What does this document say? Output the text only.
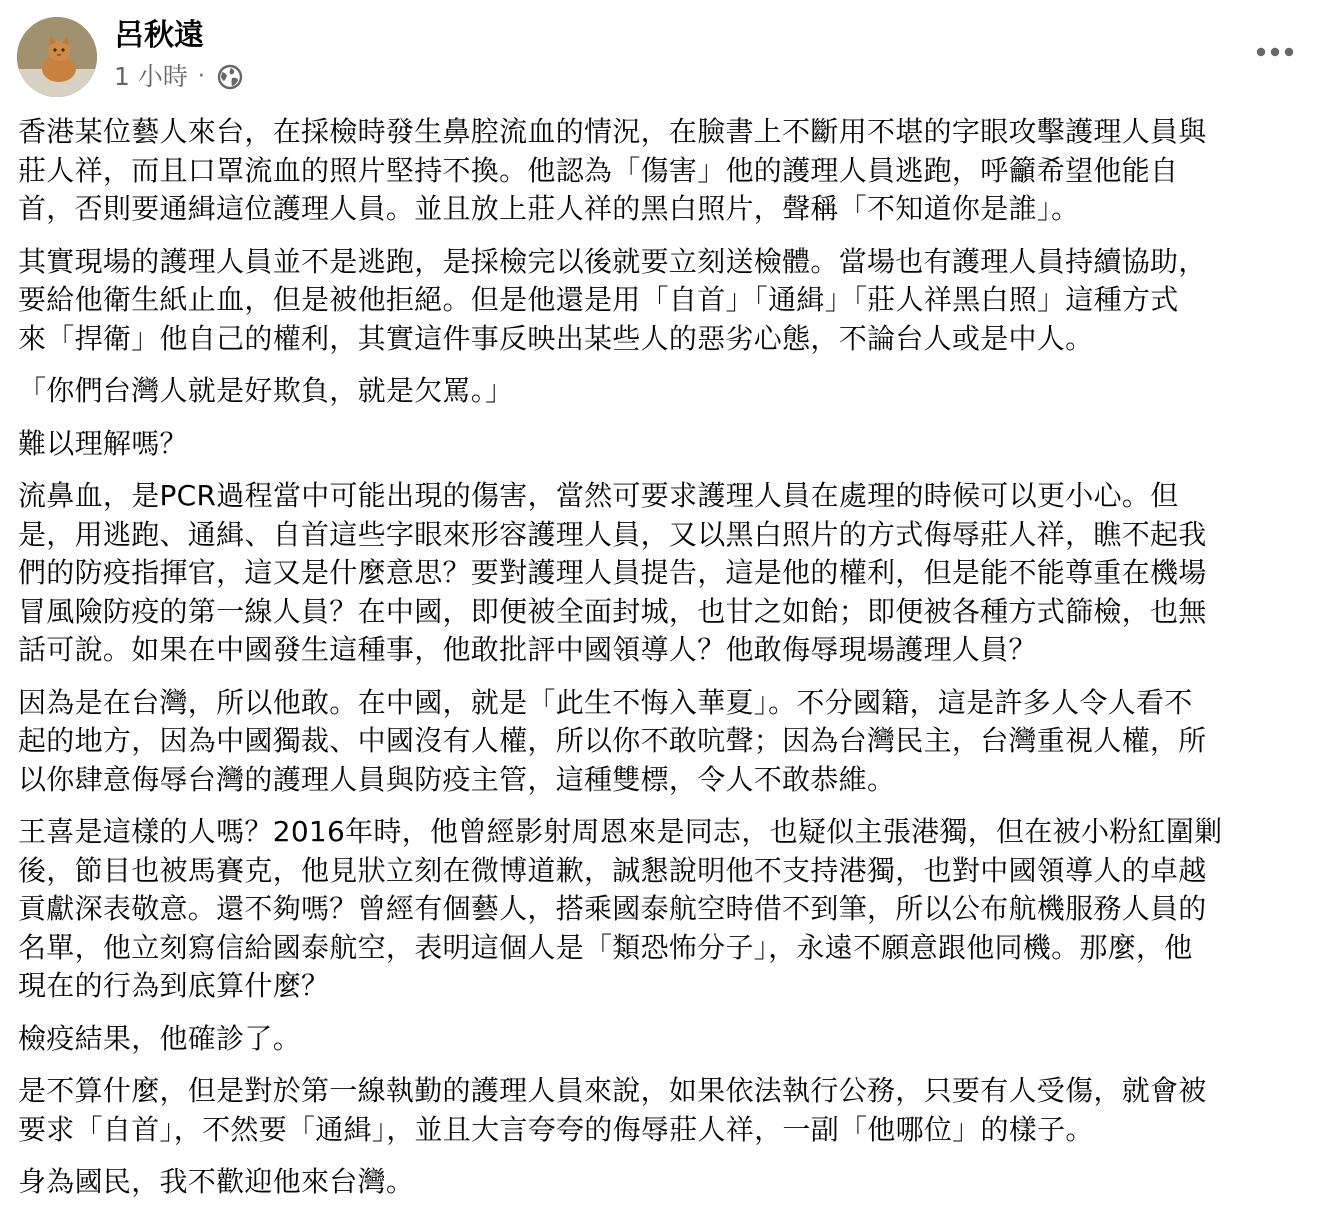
呂秋遠
1 小時 ·

香港某位藝人來台，在採檢時發生鼻腔流血的情況，在臉書上不斷用不堪的字眼攻擊護理人員與
莊人祥，而且口罩流血的照片堅持不換。他認為「傷害」他的護理人員逃跑，呼籲希望他能自
首，否則要通緝這位護理人員。並且放上莊人祥的黑白照片，聲稱「不知道你是誰」。

其實現場的護理人員並不是逃跑，是採檢完以後就要立刻送檢體。當場也有護理人員持續協助，
要給他衛生紙止血，但是被他拒絕。但是他還是用「自首」「通緝」「莊人祥黑白照」這種方式
來「捍衛」他自己的權利，其實這件事反映出某些人的惡劣心態，不論台人或是中人。

「你們台灣人就是好欺負，就是欠罵。」

難以理解嗎？

流鼻血，是PCR過程當中可能出現的傷害，當然可要求護理人員在處理的時候可以更小心。但
是，用逃跑、通緝、自首這些字眼來形容護理人員，又以黑白照片的方式侮辱莊人祥，瞧不起我
們的防疫指揮官，這又是什麼意思？要對護理人員提告，這是他的權利，但是能不能尊重在機場
冒風險防疫的第一線人員？在中國，即便被全面封城，也甘之如飴；即便被各種方式篩檢，也無
話可說。如果在中國發生這種事，他敢批評中國領導人？他敢侮辱現場護理人員？

因為是在台灣，所以他敢。在中國，就是「此生不悔入華夏」。不分國籍，這是許多人令人看不
起的地方，因為中國獨裁、中國沒有人權，所以你不敢吭聲；因為台灣民主，台灣重視人權，所
以你肆意侮辱台灣的護理人員與防疫主管，這種雙標，令人不敢恭維。

王喜是這樣的人嗎？2016年時，他曾經影射周恩來是同志，也疑似主張港獨，但在被小粉紅圍剿
後，節目也被馬賽克，他見狀立刻在微博道歉，誠懇說明他不支持港獨，也對中國領導人的卓越
貢獻深表敬意。還不夠嗎？曾經有個藝人，搭乘國泰航空時借不到筆，所以公布航機服務人員的
名單，他立刻寫信給國泰航空，表明這個人是「類恐怖分子」，永遠不願意跟他同機。那麼，他
現在的行為到底算什麼？

檢疫結果，他確診了。

是不算什麼，但是對於第一線執勤的護理人員來說，如果依法執行公務，只要有人受傷，就會被
要求「自首」，不然要「通緝」，並且大言夸夸的侮辱莊人祥，一副「他哪位」的樣子。

身為國民，我不歡迎他來台灣。
